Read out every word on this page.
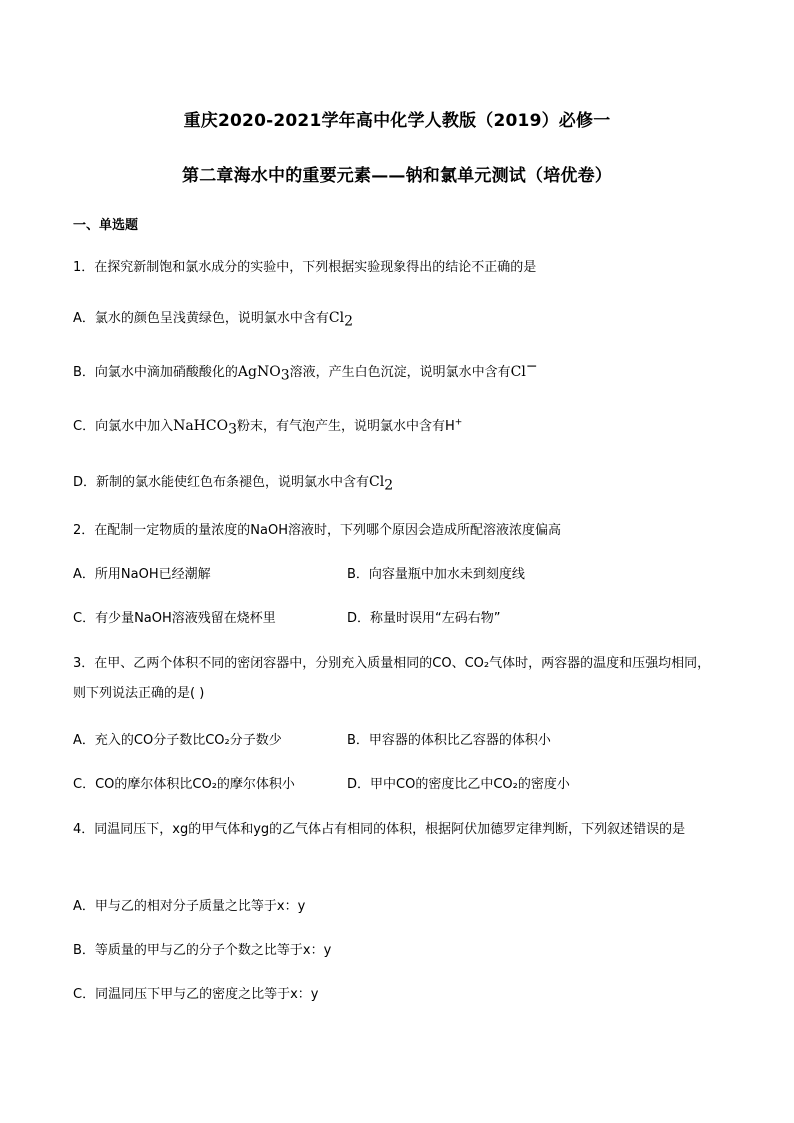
重庆2020-2021学年高中化学人教版（2019）必修一
第二章海水中的重要元素——钠和氯单元测试（培优卷）
一、单选题
1．在探究新制饱和氯水成分的实验中，下列根据实验现象得出的结论不正确的是
A．氯水的颜色呈浅黄绿色，说明氯水中含有$Cl_2$
B．向氯水中滴加硝酸酸化的AgNO$_3$溶液，产生白色沉淀，说明氯水中含有Cl−
C．向氯水中加入NaHCO$_3$粉末，有气泡产生，说明氯水中含有H+
D．新制的氯水能使红色布条褪色，说明氯水中含有$Cl_2$
2．在配制一定物质的量浓度的NaOH溶液时，下列哪个原因会造成所配溶液浓度偏高
A．所用NaOH已经潮解	B．向容量瓶中加水未到刻度线
C．有少量NaOH溶液残留在烧杯里	D．称量时误用“左码右物”
3．在甲、乙两个体积不同的密闭容器中，分别充入质量相同的CO、CO₂气体时，两容器的温度和压强均相同，则下列说法正确的是( )
A．充入的CO分子数比CO₂分子数少	B．甲容器的体积比乙容器的体积小
C．CO的摩尔体积比CO₂的摩尔体积小	D．甲中CO的密度比乙中CO₂的密度小
4．同温同压下，xg的甲气体和yg的乙气体占有相同的体积，根据阿伏加德罗定律判断，下列叙述错误的是
A．甲与乙的相对分子质量之比等于x：y
B．等质量的甲与乙的分子个数之比等于x：y
C．同温同压下甲与乙的密度之比等于x：y
